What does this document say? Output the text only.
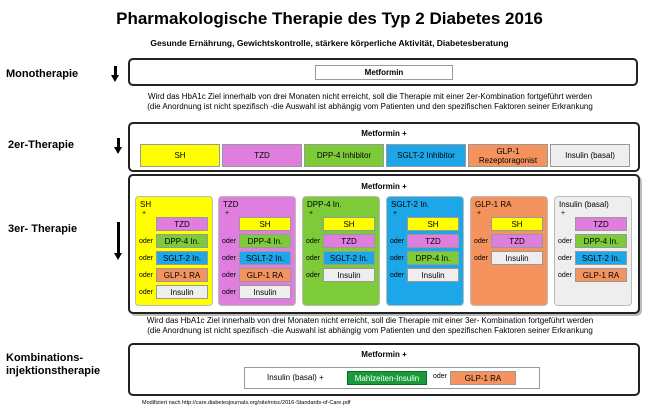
Pharmakologische Therapie des Typ 2 Diabetes 2016
Gesunde Ernährung, Gewichtskontrolle, stärkere körperliche Aktivität, Diabetesberatung
Monotherapie	Metformin
Wird das HbA1c Ziel innerhalb von drei Monaten nicht erreicht, soll die Therapie mit einer 2er-Kombination fortgeführt werden
(die Anordnung ist nicht spezifisch -die Auswahl ist abhängig vom Patienten und den spezifischen Faktoren seiner Erkrankung
2er-Therapie
Metformin +
SH	TZD	DPP-4 Inhibitor	SGLT-2 Inhibitor	GLP-1 Rezeptoragonist	Insulin (basal)
3er- Therapie
Metformin +
SH
+
TZD
oder	DPP-4 In.
oder	SGLT-2 In.
oder	GLP-1 RA
oder	Insulin
TZD
+
SH
oder	DPP-4 In.
oder	SGLT-2 In.
oder	GLP-1 RA
oder	Insulin
DPP-4 In.
+
SH
oder	TZD
oder	SGLT-2 In.
oder	Insulin
SGLT-2 In.
+
SH
oder	TZD
oder	DPP-4 In.
oder	Insulin
GLP-1 RA
+
SH
oder	TZD
oder	Insulin
Insulin (basal)
+
TZD
oder	DPP-4 In.
oder	SGLT-2 In.
oder	GLP-1 RA
Wird das HbA1c Ziel innerhalb von drei Monaten nicht erreicht, soll die Therapie mit einer 3er- Kombination fortgeführt werden
(die Anordnung ist nicht spezifisch -die Auswahl ist abhängig vom Patienten und den spezifischen Faktoren seiner Erkrankung
Kombinations-
injektionstherapie
Metformin +
Insulin (basal) +	Mahlzeiten-Insulin	oder	GLP-1 RA
Modifiziert nach http://care.diabetesjournals.org/site/misc/2016-Standards-of-Care.pdf
